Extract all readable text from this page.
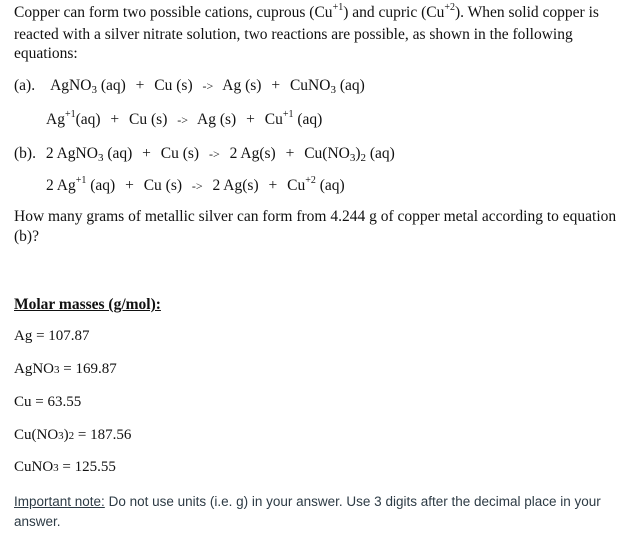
Copper can form two possible cations, cuprous $(Cu^{+1})$ and cupric $(Cu^{+2})$. When solid copper is reacted with a silver nitrate solution, two reactions are possible, as shown in the following equations:
(a). AgNO$_3$ (aq) + Cu (s) -> Ag (s) + CuNO$_3$ (aq)
$Ag^{+1}(aq) + Cu$ (s) -> Ag $(s) + Cu^{+1}$ (aq)
(b). 2 AgNO$_3$ (aq) + Cu (s) -> 2 $Ag(s) + Cu(NO_3)_2$ (aq)
2 $Ag^{+1}$ (aq) + Cu (s) -> 2 $Ag(s) + Cu^{+2}$ (aq)
How many grams of metallic silver can form from 4.244 g of copper metal according to equation (b)?
Molar masses (g/mol):
Ag = 107.87
AgNO3 = 169.87
Cu = 63.55
Cu(NO3)2 = 187.56
CuNO3 = 125.55
Important note: Do not use units (i.e. g) in your answer. Use 3 digits after the decimal place in your answer.
